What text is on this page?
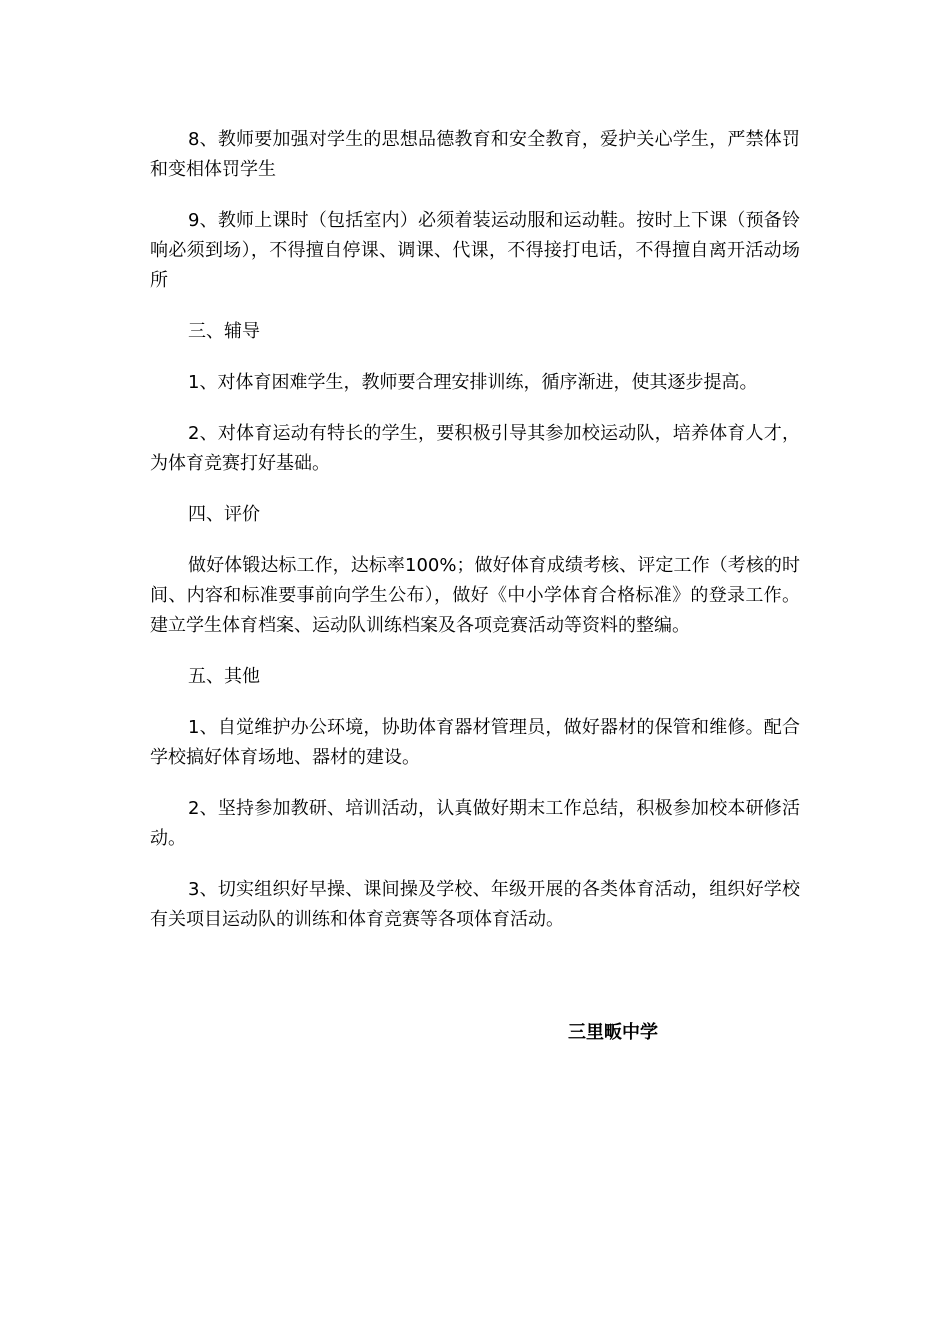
8、教师要加强对学生的思想品德教育和安全教育，爱护关心学生，严禁体罚和变相体罚学生

9、教师上课时（包括室内）必须着装运动服和运动鞋。按时上下课（预备铃响必须到场），不得擅自停课、调课、代课，不得接打电话，不得擅自离开活动场所

三、辅导

1、对体育困难学生，教师要合理安排训练，循序渐进，使其逐步提高。

2、对体育运动有特长的学生，要积极引导其参加校运动队，培养体育人才，为体育竞赛打好基础。

四、评价

做好体锻达标工作，达标率100%；做好体育成绩考核、评定工作（考核的时间、内容和标准要事前向学生公布），做好《中小学体育合格标准》的登录工作。建立学生体育档案、运动队训练档案及各项竞赛活动等资料的整编。

五、其他

1、自觉维护办公环境，协助体育器材管理员，做好器材的保管和维修。配合学校搞好体育场地、器材的建设。

2、坚持参加教研、培训活动，认真做好期末工作总结，积极参加校本研修活动。

3、切实组织好早操、课间操及学校、年级开展的各类体育活动，组织好学校有关项目运动队的训练和体育竞赛等各项体育活动。

三里畈中学
